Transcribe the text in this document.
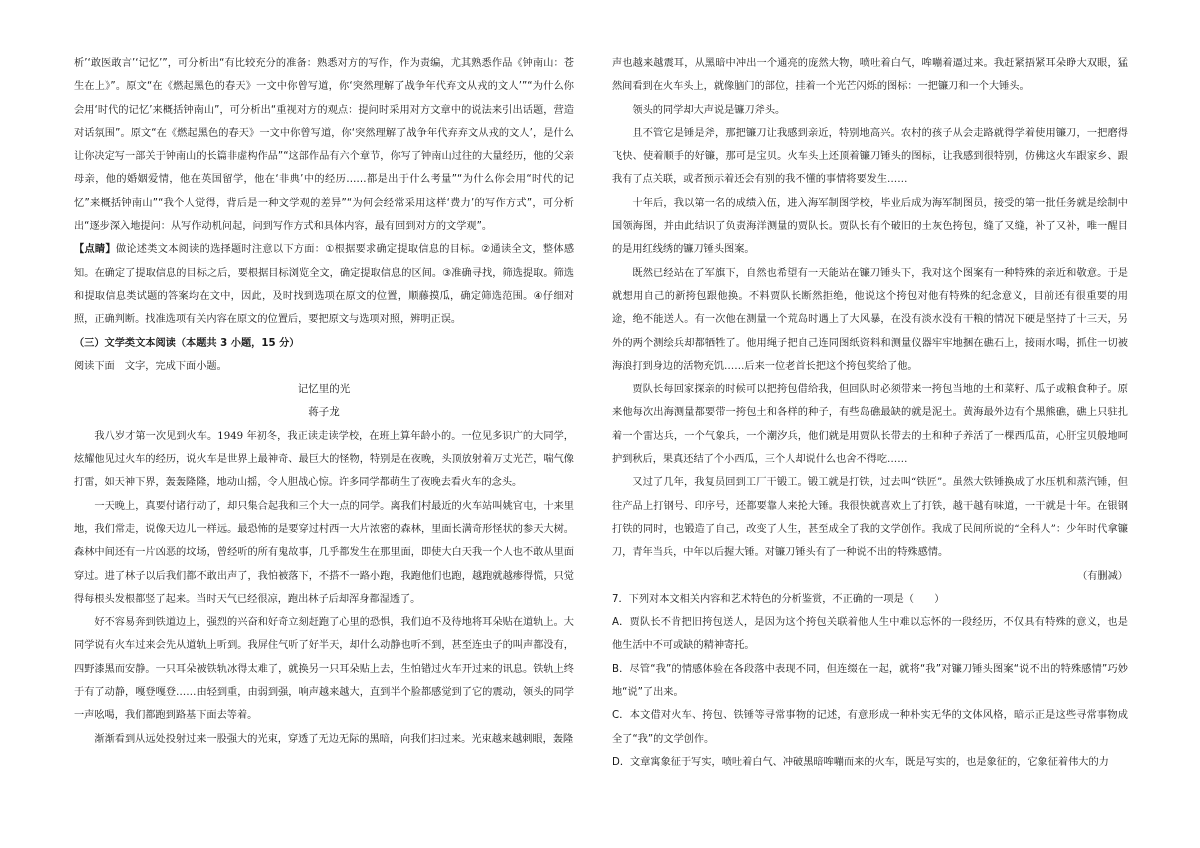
析’‘敢医敢言’‘记忆’”，可分析出“有比较充分的准备：熟悉对方的写作，作为责编，尤其熟悉作品《钟南山：苍生在上》”。原文“在《燃起黑色的春天》一文中你曾写道，你‘突然理解了战争年代弃文从戎的文人’”“为什么你会用‘时代的记忆’来概括钟南山”，可分析出“重视对方的观点：提问时采用对方文章中的说法来引出话题，营造对话氛围”。原文“在《燃起黑色的春天》一文中你曾写道，你‘突然理解了战争年代弃弃文从戎的文人’，是什么让你决定写一部关于钟南山的长篇非虚构作品”“这部作品有六个章节，你写了钟南山过往的大量经历，他的父亲母亲，他的婚姻爱情，他在英国留学，他在‘非典’中的经历……都是出于什么考量”“为什么你会用“时代的记忆”来概括钟南山”“我个人觉得，背后是一种文学观的差异”“为何会经常采用这样‘费力’的写作方式”，可分析出“逐步深入地提问：从写作动机问起，问到写作方式和具体内容，最有回到对方的文学观”。

【点睛】做论述类文本阅读的选择题时注意以下方面：①根据要求确定提取信息的目标。②通读全文，整体感知。在确定了提取信息的目标之后，要根据目标浏览全文，确定提取信息的区间。③准确寻找，筛选提取。筛选和提取信息类试题的答案均在文中，因此，及时找到选项在原文的位置，顺藤摸瓜，确定筛选范围。④仔细对照，正确判断。找准选项有关内容在原文的位置后，要把原文与选项对照，辨明正误。

（三）文学类文本阅读（本题共 3 小题，15 分）

阅读下面　文字，完成下面小题。

记忆里的光

蒋子龙

我八岁才第一次见到火车。1949 年初冬，我正读走读学校，在班上算年龄小的。一位见多识广的大同学，炫耀他见过火车的经历，说火车是世界上最神奇、最巨大的怪物，特别是在夜晚，头顶放射着万丈光芒，喘气像打雷，如天神下界，轰轰隆隆，地动山摇，令人胆战心惊。许多同学都萌生了夜晚去看火车的念头。

一天晚上，真要付诸行动了，却只集合起我和三个大一点的同学。离我们村最近的火车站叫姚官屯，十来里地，我们常走，说像天边儿一样远。最恐怖的是要穿过村西一大片浓密的森林，里面长满奇形怪状的参天大树。森林中间还有一片凶恶的坟场，曾经听的所有鬼故事，几乎都发生在那里面，即使大白天我一个人也不敢从里面穿过。进了林子以后我们都不敢出声了，我怕被落下，不搭不一路小跑，我跑他们也跑，越跑就越瘆得慌，只觉得每根头发根都竖了起来。当时天气已经很凉，跑出林子后却浑身都湿透了。

好不容易奔到铁道边上，强烈的兴奋和好奇立刻赶跑了心里的恐惧，我们迫不及待地将耳朵贴在道轨上。大同学说有火车过来会先从道轨上听到。我屏住气听了好半天，却什么动静也听不到，甚至连虫子的叫声都没有，四野漆黑而安静。一只耳朵被铁轨冰得太难了，就换另一只耳朵贴上去，生怕错过火车开过来的讯息。铁轨上终于有了动静，嘎登嘎登……由轻到重，由弱到强，响声越来越大，直到半个脸都感觉到了它的震动，领头的同学一声吆喝，我们都跑到路基下面去等着。

渐渐看到从远处投射过来一股强大的光束，穿透了无边无际的黑暗，向我们扫过来。光束越来越刺眼，轰隆

声也越来越震耳，从黑暗中冲出一个通亮的庞然大物，喷吐着白气，哞嘣着逼过来。我赶紧捂紧耳朵睁大双眼，猛然间看到在火车头上，就像脑门的部位，挂着一个光芒闪烁的图标：一把镰刀和一个大锤头。

领头的同学却大声说是镰刀斧头。

且不管它是锤是斧，那把镰刀让我感到亲近，特别地高兴。农村的孩子从会走路就得学着使用镰刀，一把磨得飞快、使着顺手的好镰，那可是宝贝。火车头上还顶着镰刀锤头的图标，让我感到很特别，仿佛这火车跟家乡、跟我有了点关联，或者预示着还会有别的我不懂的事情将要发生……

十年后，我以第一名的成绩入伍，进入海军制图学校，毕业后成为海军制图员，接受的第一批任务就是绘制中国领海图，并由此结识了负责海洋测量的贾队长。贾队长有个破旧的土灰色挎包，缝了又缝，补了又补，唯一醒目的是用红线绣的镰刀锤头图案。

既然已经站在了军旗下，自然也希望有一天能站在镰刀锤头下，我对这个图案有一种特殊的亲近和敬意。于是就想用自己的新挎包跟他换。不料贾队长断然拒绝，他说这个挎包对他有特殊的纪念意义，目前还有很重要的用途，绝不能送人。有一次他在测量一个荒岛时遇上了大风暴，在没有淡水没有干粮的情况下硬是坚持了十三天，另外的两个测绘兵却都牺牲了。他用绳子把自己连同图纸资料和测量仪器牢牢地捆在礁石上，接雨水喝，抓住一切被海浪打到身边的活物充饥……后来一位老首长把这个挎包奖给了他。

贾队长每回家探亲的时候可以把挎包借给我，但回队时必须带来一挎包当地的土和菜籽、瓜子或粮食种子。原来他每次出海测量都要带一挎包土和各样的种子，有些岛礁最缺的就是泥土。黄海最外边有个黑熊礁，礁上只驻扎着一个雷达兵，一个气象兵，一个潮汐兵，他们就是用贾队长带去的土和种子养活了一棵西瓜苗，心肝宝贝般地呵护到秋后，果真还结了个小西瓜，三个人却说什么也舍不得吃……

又过了几年，我复员回到工厂干锻工。锻工就是打铁，过去叫“铁匠”。虽然大铁锤换成了水压机和蒸汽锤，但往产品上打钢号、印序号，还都要靠人来抡大锤。我很快就喜欢上了打铁，越干越有味道，一干就是十年。在银钢打铁的同时，也锻造了自己，改变了人生，甚至成全了我的文学创作。我成了民间所说的“全科人”：少年时代拿镰刀，青年当兵，中年以后握大锤。对镰刀锤头有了一种说不出的特殊感情。

（有删减）

7．下列对本文相关内容和艺术特色的分析鉴赏，不正确的一项是（　　）

A．贾队长不肯把旧挎包送人，是因为这个挎包关联着他人生中难以忘怀的一段经历，不仅具有特殊的意义，也是他生活中不可或缺的精神寄托。

B．尽管“我”的情感体验在各段落中表现不同，但连缀在一起，就将“我”对镰刀锤头图案“说不出的特殊感情”巧妙地“说”了出来。

C．本文借对火车、挎包、铁锤等寻常事物的记述，有意形成一种朴实无华的文体风格，暗示正是这些寻常事物成全了“我”的文学创作。

D．文章寓象征于写实，喷吐着白气、冲破黑暗哞嘣而来的火车，既是写实的，也是象征的，它象征着伟大的力
